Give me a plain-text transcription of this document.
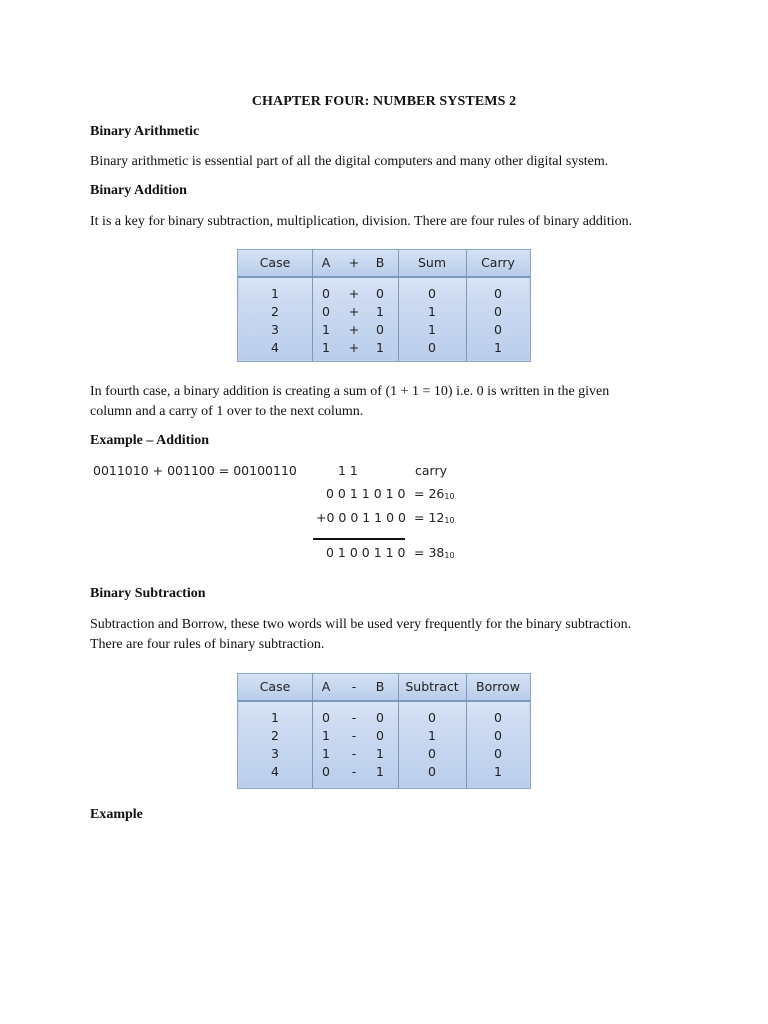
CHAPTER FOUR: NUMBER SYSTEMS 2
Binary Arithmetic
Binary arithmetic is essential part of all the digital computers and many other digital system.
Binary Addition
It is a key for binary subtraction, multiplication, division. There are four rules of binary addition.
Case	A	+	B	Sum	Carry
1	0	+	0	0	0
2	0	+	1	1	0
3	1	+	0	1	0
4	1	+	1	0	1
In fourth case, a binary addition is creating a sum of (1 + 1 = 10) i.e. 0 is written in the given
column and a carry of 1 over to the next column.
Example – Addition
0011010 + 001100 = 00100110	1 1	carry
0 0 1 1 0 1 0 = 2610
+0 0 0 1 1 0 0 = 1210
0 1 0 0 1 1 0 = 3810
Binary Subtraction
Subtraction and Borrow, these two words will be used very frequently for the binary subtraction.
There are four rules of binary subtraction.
Case	A	-	B	Subtract	Borrow
1	0	-	0	0	0
2	1	-	0	1	0
3	1	-	1	0	0
4	0	-	1	0	1
Example
